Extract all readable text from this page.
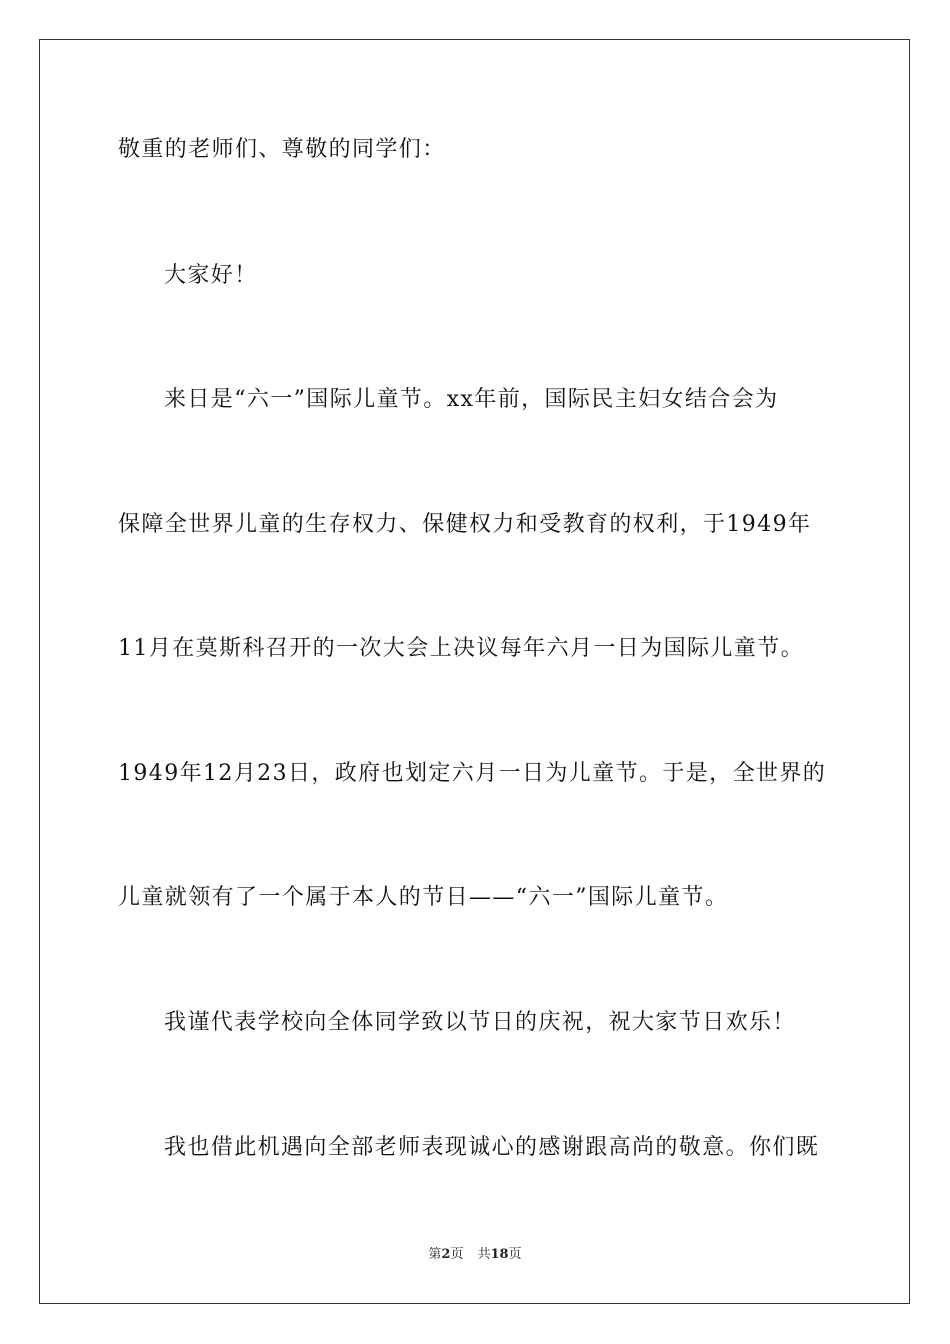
敬重的老师们、尊敬的同学们：
大家好！
来日是“六一”国际儿童节。xx年前，国际民主妇女结合会为
保障全世界儿童的生存权力、保健权力和受教育的权利，于1949年
11月在莫斯科召开的一次大会上决议每年六月一日为国际儿童节。
1949年12月23日，政府也划定六月一日为儿童节。于是，全世界的
儿童就领有了一个属于本人的节日——“六一”国际儿童节。
我谨代表学校向全体同学致以节日的庆祝，祝大家节日欢乐！
我也借此机遇向全部老师表现诚心的感谢跟高尚的敬意。你们既
第2页 共18页
